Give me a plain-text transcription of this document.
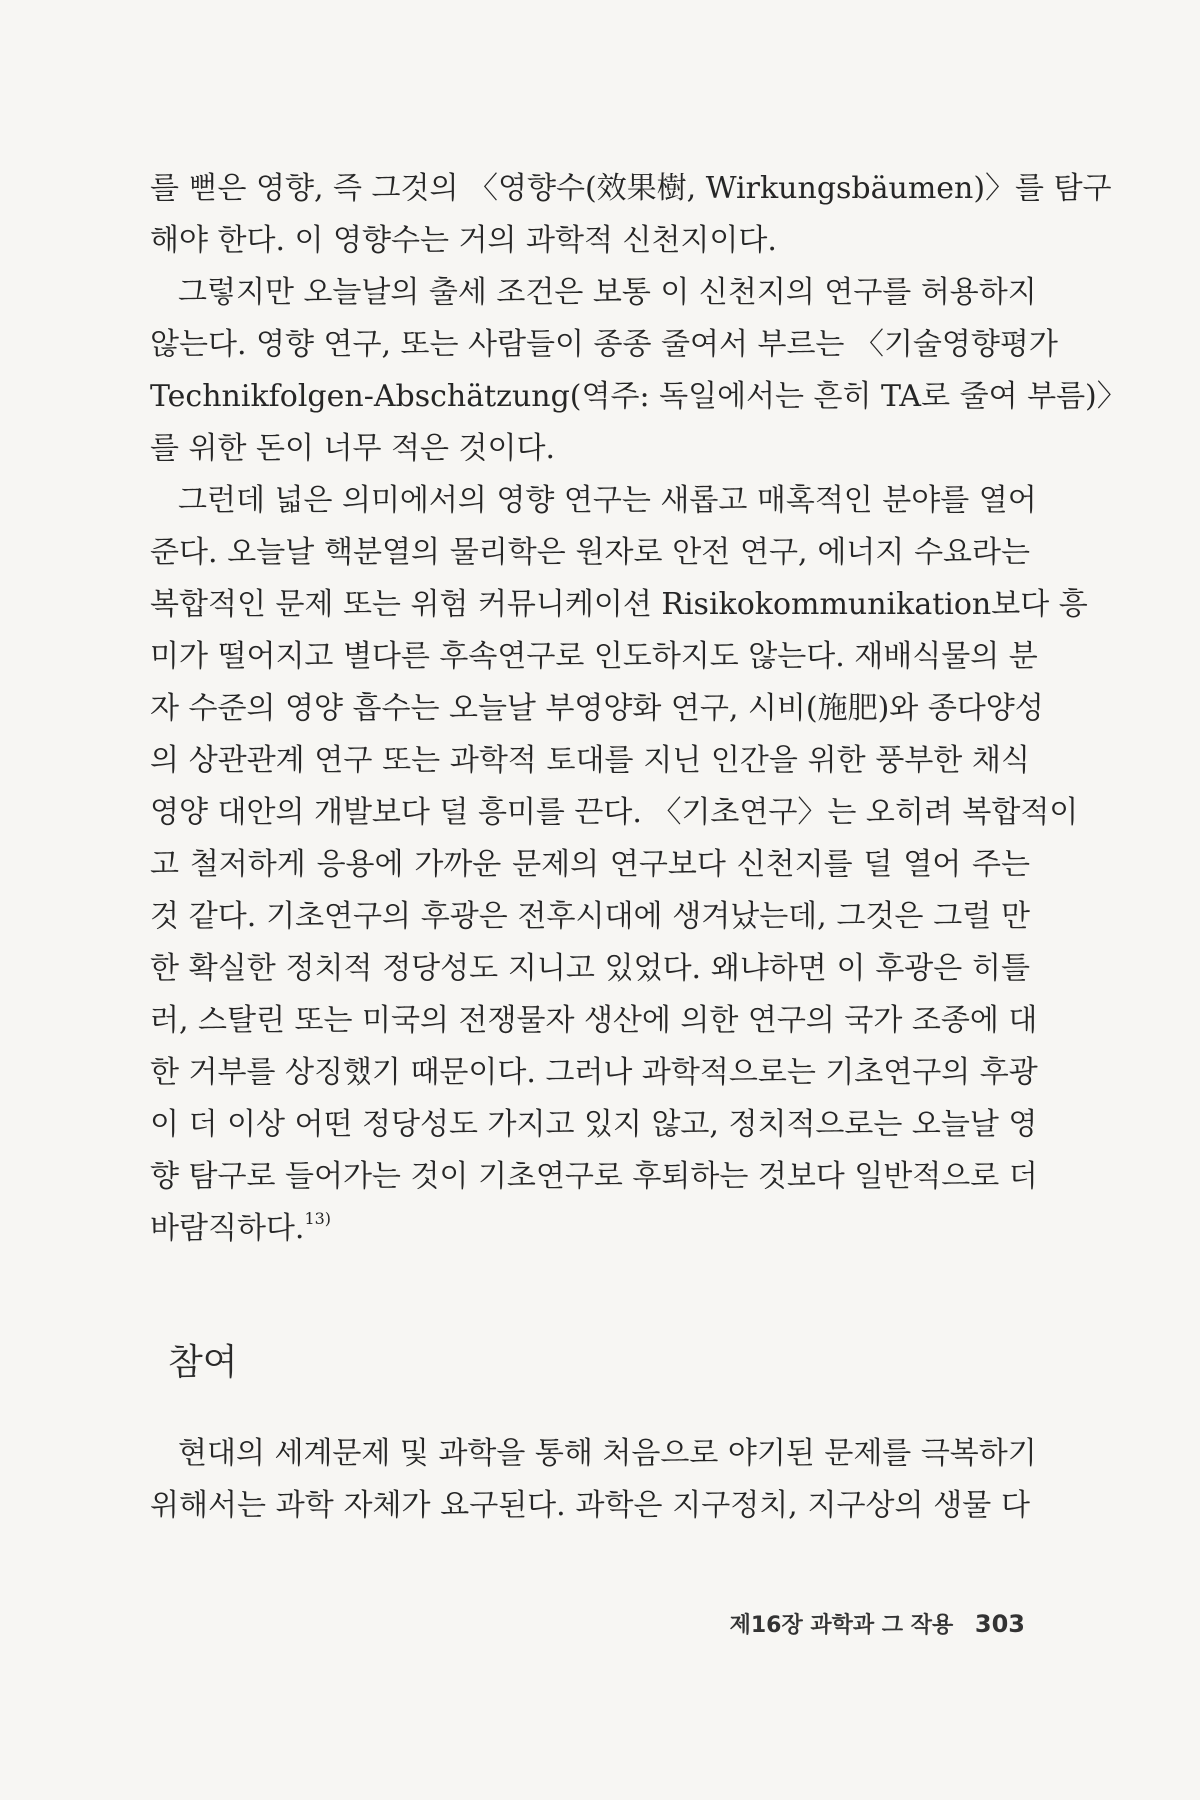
를 뻗은 영향, 즉 그것의 〈영향수(效果樹, Wirkungsbäumen)〉를 탐구
해야 한다. 이 영향수는 거의 과학적 신천지이다.
그렇지만 오늘날의 출세 조건은 보통 이 신천지의 연구를 허용하지
않는다. 영향 연구, 또는 사람들이 종종 줄여서 부르는 〈기술영향평가
Technikfolgen-Abschätzung(역주: 독일에서는 흔히 TA로 줄여 부름)〉
를 위한 돈이 너무 적은 것이다.
그런데 넓은 의미에서의 영향 연구는 새롭고 매혹적인 분야를 열어
준다. 오늘날 핵분열의 물리학은 원자로 안전 연구, 에너지 수요라는
복합적인 문제 또는 위험 커뮤니케이션 Risikokommunikation보다 흥
미가 떨어지고 별다른 후속연구로 인도하지도 않는다. 재배식물의 분
자 수준의 영양 흡수는 오늘날 부영양화 연구, 시비(施肥)와 종다양성
의 상관관계 연구 또는 과학적 토대를 지닌 인간을 위한 풍부한 채식
영양 대안의 개발보다 덜 흥미를 끈다. 〈기초연구〉는 오히려 복합적이
고 철저하게 응용에 가까운 문제의 연구보다 신천지를 덜 열어 주는
것 같다. 기초연구의 후광은 전후시대에 생겨났는데, 그것은 그럴 만
한 확실한 정치적 정당성도 지니고 있었다. 왜냐하면 이 후광은 히틀
러, 스탈린 또는 미국의 전쟁물자 생산에 의한 연구의 국가 조종에 대
한 거부를 상징했기 때문이다. 그러나 과학적으로는 기초연구의 후광
이 더 이상 어떤 정당성도 가지고 있지 않고, 정치적으로는 오늘날 영
향 탐구로 들어가는 것이 기초연구로 후퇴하는 것보다 일반적으로 더
바람직하다.$^{13)}$
참여
현대의 세계문제 및 과학을 통해 처음으로 야기된 문제를 극복하기
위해서는 과학 자체가 요구된다. 과학은 지구정치, 지구상의 생물 다
제16장 과학과 그 작용 303
